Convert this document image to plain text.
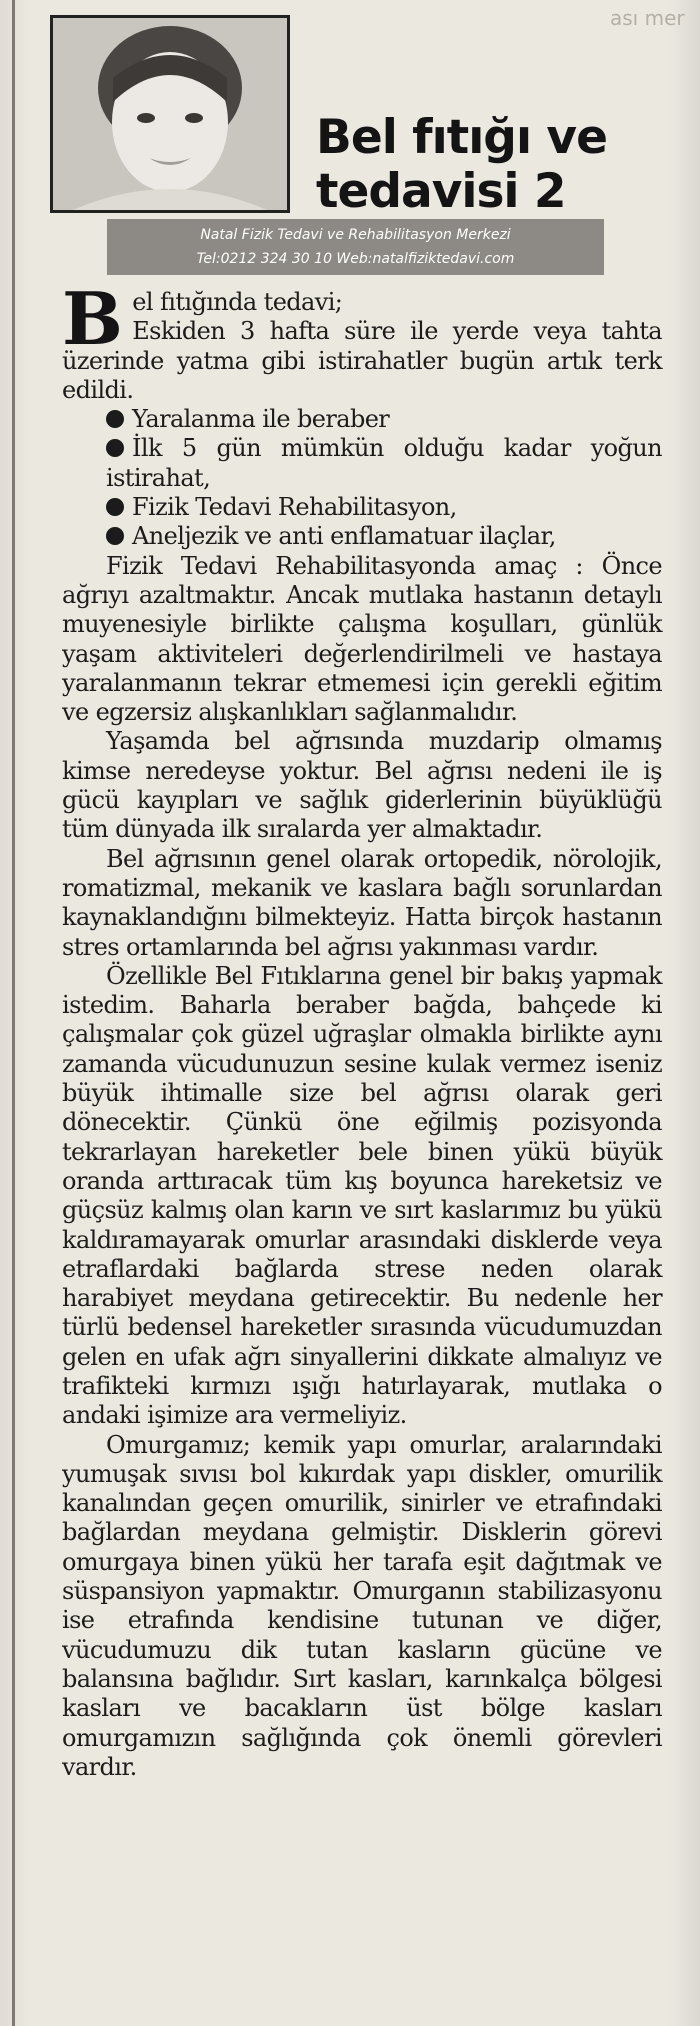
ası mer
Bel fıtığı ve
tedavisi 2
Natal Fizik Tedavi ve Rehabilitasyon Merkezi
Tel:0212 324 30 10 Web:natalfiziktedavi.com

B el fıtığında tedavi;
Eskiden 3 hafta süre ile yerde veya tahta üzerinde yatma gibi istirahatler bugün artık terk edildi.

Yaralanma ile beraber

İlk 5 gün mümkün olduğu kadar yoğun istirahat,

Fizik Tedavi Rehabilitasyon,

Aneljezik ve anti enflamatuar ilaçlar,

Fizik Tedavi Rehabilitasyonda amaç : Önce ağrıyı azaltmaktır. Ancak mutlaka hastanın detaylı muyenesiyle birlikte çalışma koşulları, günlük yaşam aktiviteleri değerlendirilmeli ve hastaya yaralanmanın tekrar etmemesi için gerekli eğitim ve egzersiz alışkanlıkları sağlanmalıdır.

Yaşamda bel ağrısında muzdarip olmamış kimse neredeyse yoktur. Bel ağrısı nedeni ile iş gücü kayıpları ve sağlık giderlerinin büyüklüğü tüm dünyada ilk sıralarda yer almaktadır.

Bel ağrısının genel olarak ortopedik, nörolojik, romatizmal, mekanik ve kaslara bağlı sorunlardan kaynaklandığını bilmekteyiz. Hatta birçok hastanın stres ortamlarında bel ağrısı yakınması vardır.

Özellikle Bel Fıtıklarına genel bir bakış yapmak istedim. Baharla beraber bağda, bahçede ki çalışmalar çok güzel uğraşlar olmakla birlikte aynı zamanda vücudunuzun sesine kulak vermez iseniz büyük ihtimalle size bel ağrısı olarak geri dönecektir. Çünkü öne eğilmiş pozisyonda tekrarlayan hareketler bele binen yükü büyük oranda arttıracak tüm kış boyunca hareketsiz ve güçsüz kalmış olan karın ve sırt kaslarımız bu yükü kaldıramayarak omurlar arasındaki disklerde veya etraflardaki bağlarda strese neden olarak harabiyet meydana getirecektir. Bu nedenle her türlü bedensel hareketler sırasında vücudumuzdan gelen en ufak ağrı sinyallerini dikkate almalıyız ve trafikteki kırmızı ışığı hatırlayarak, mutlaka o andaki işimize ara vermeliyiz.

Omurgamız; kemik yapı omurlar, aralarındaki yumuşak sıvısı bol kıkırdak yapı diskler, omurilik kanalından geçen omurilik, sinirler ve etrafındaki bağlardan meydana gelmiştir. Disklerin görevi omurgaya binen yükü her tarafa eşit dağıtmak ve süspansiyon yapmaktır. Omurganın stabilizasyonu ise etrafında kendisine tutunan ve diğer, vücudumuzu dik tutan kasların gücüne ve balansına bağlıdır. Sırt kasları, karınkalça bölgesi kasları ve bacakların üst bölge kasları omurgamızın sağlığında çok önemli görevleri vardır.
